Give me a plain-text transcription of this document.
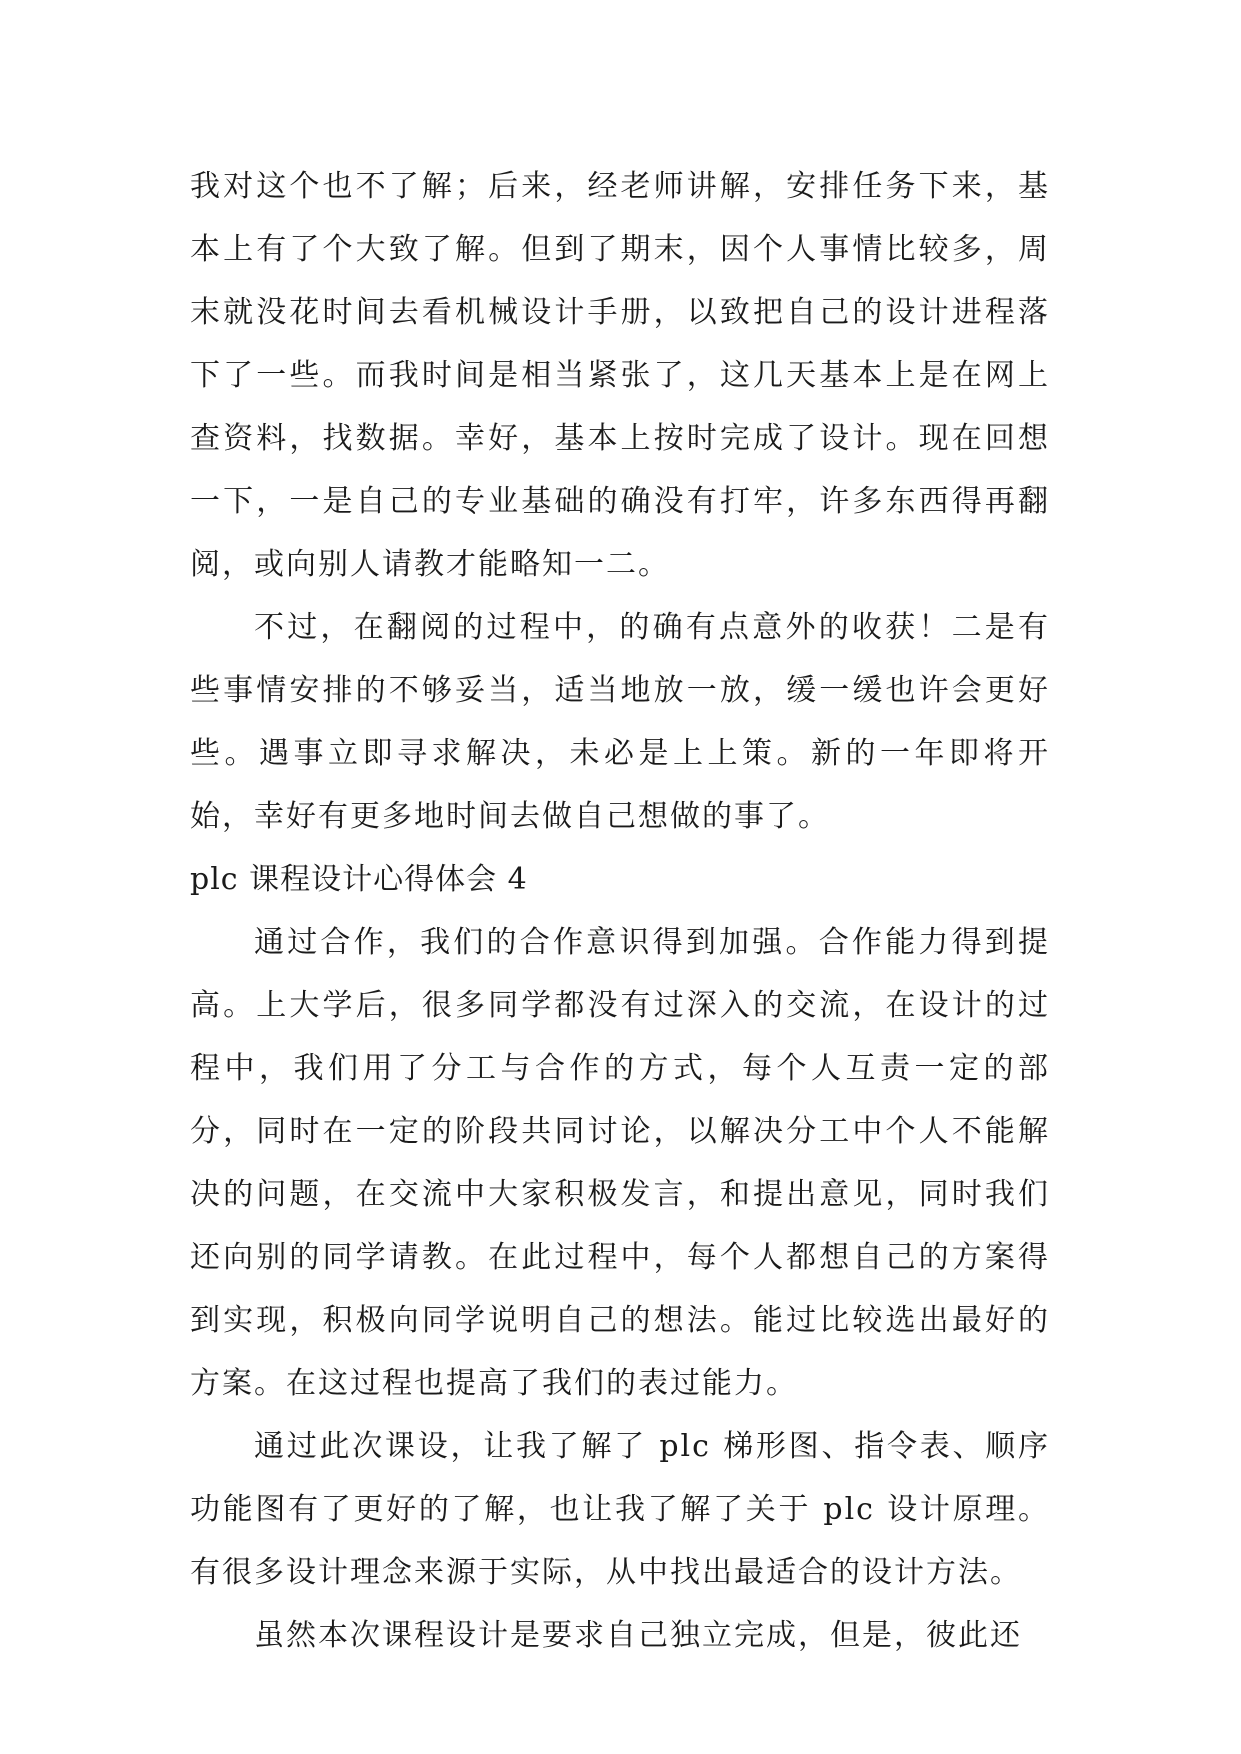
我对这个也不了解；后来，经老师讲解，安排任务下来，基本上有了个大致了解。但到了期末，因个人事情比较多，周末就没花时间去看机械设计手册，以致把自己的设计进程落下了一些。而我时间是相当紧张了，这几天基本上是在网上查资料，找数据。幸好，基本上按时完成了设计。现在回想一下，一是自己的专业基础的确没有打牢，许多东西得再翻阅，或向别人请教才能略知一二。

不过，在翻阅的过程中，的确有点意外的收获！二是有些事情安排的不够妥当，适当地放一放，缓一缓也许会更好些。遇事立即寻求解决，未必是上上策。新的一年即将开始，幸好有更多地时间去做自己想做的事了。

plc 课程设计心得体会 4

通过合作，我们的合作意识得到加强。合作能力得到提高。上大学后，很多同学都没有过深入的交流，在设计的过程中，我们用了分工与合作的方式，每个人互责一定的部分，同时在一定的阶段共同讨论，以解决分工中个人不能解决的问题，在交流中大家积极发言，和提出意见，同时我们还向别的同学请教。在此过程中，每个人都想自己的方案得到实现，积极向同学说明自己的想法。能过比较选出最好的方案。在这过程也提高了我们的表过能力。

通过此次课设，让我了解了 plc 梯形图、指令表、顺序功能图有了更好的了解，也让我了解了关于 plc 设计原理。有很多设计理念来源于实际，从中找出最适合的设计方法。

虽然本次课程设计是要求自己独立完成，但是，彼此还
